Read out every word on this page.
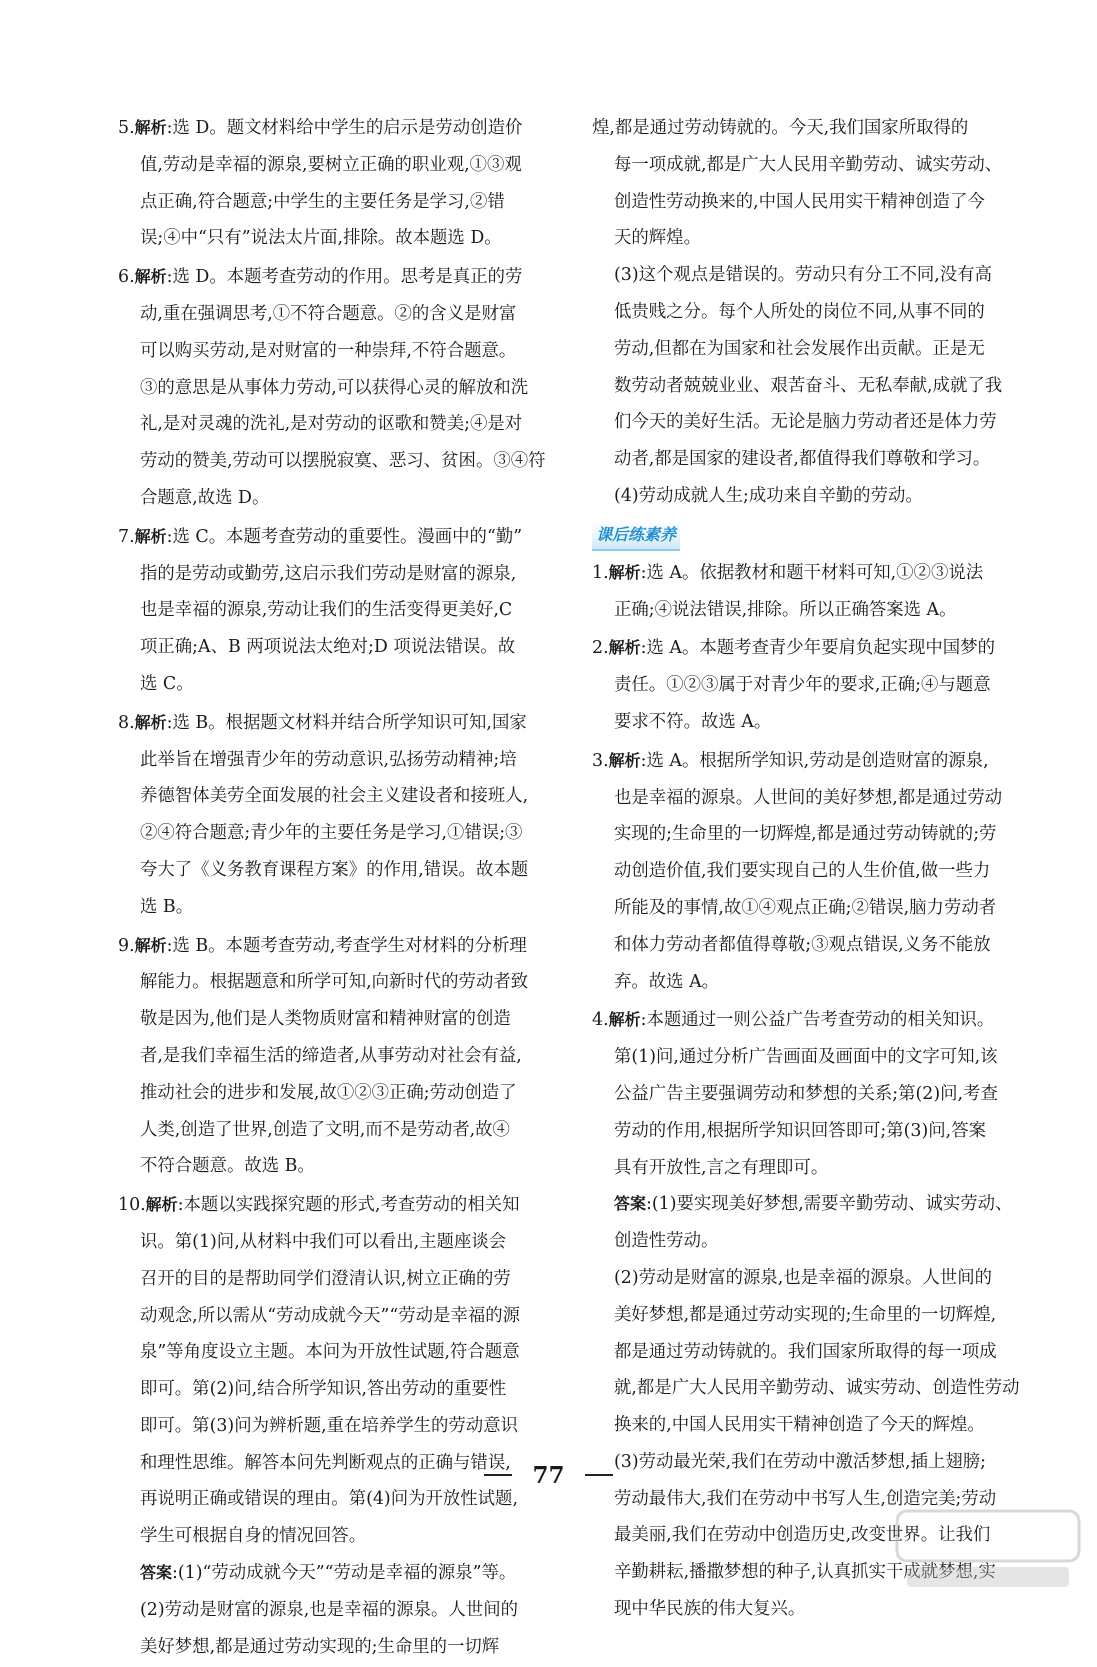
5.解析:选 D。题文材料给中学生的启示是劳动创造价
值,劳动是幸福的源泉,要树立正确的职业观,①③观
点正确,符合题意;中学生的主要任务是学习,②错
误;④中“只有”说法太片面,排除。故本题选 D。
6.解析:选 D。本题考查劳动的作用。思考是真正的劳
动,重在强调思考,①不符合题意。②的含义是财富
可以购买劳动,是对财富的一种崇拜,不符合题意。
③的意思是从事体力劳动,可以获得心灵的解放和洗
礼,是对灵魂的洗礼,是对劳动的讴歌和赞美;④是对
劳动的赞美,劳动可以摆脱寂寞、恶习、贫困。③④符
合题意,故选 D。
7.解析:选 C。本题考查劳动的重要性。漫画中的“勤”
指的是劳动或勤劳,这启示我们劳动是财富的源泉,
也是幸福的源泉,劳动让我们的生活变得更美好,C
项正确;A、B 两项说法太绝对;D 项说法错误。故
选 C。
8.解析:选 B。根据题文材料并结合所学知识可知,国家
此举旨在增强青少年的劳动意识,弘扬劳动精神;培
养德智体美劳全面发展的社会主义建设者和接班人,
②④符合题意;青少年的主要任务是学习,①错误;③
夸大了《义务教育课程方案》的作用,错误。故本题
选 B。
9.解析:选 B。本题考查劳动,考查学生对材料的分析理
解能力。根据题意和所学可知,向新时代的劳动者致
敬是因为,他们是人类物质财富和精神财富的创造
者,是我们幸福生活的缔造者,从事劳动对社会有益,
推动社会的进步和发展,故①②③正确;劳动创造了
人类,创造了世界,创造了文明,而不是劳动者,故④
不符合题意。故选 B。
10.解析:本题以实践探究题的形式,考查劳动的相关知
识。第(1)问,从材料中我们可以看出,主题座谈会
召开的目的是帮助同学们澄清认识,树立正确的劳
动观念,所以需从“劳动成就今天”“劳动是幸福的源
泉”等角度设立主题。本问为开放性试题,符合题意
即可。第(2)问,结合所学知识,答出劳动的重要性
即可。第(3)问为辨析题,重在培养学生的劳动意识
和理性思维。解答本问先判断观点的正确与错误,
再说明正确或错误的理由。第(4)问为开放性试题,
学生可根据自身的情况回答。
答案:(1)“劳动成就今天”“劳动是幸福的源泉”等。
(2)劳动是财富的源泉,也是幸福的源泉。人世间的
美好梦想,都是通过劳动实现的;生命里的一切辉
煌,都是通过劳动铸就的。今天,我们国家所取得的
每一项成就,都是广大人民用辛勤劳动、诚实劳动、
创造性劳动换来的,中国人民用实干精神创造了今
天的辉煌。
(3)这个观点是错误的。劳动只有分工不同,没有高
低贵贱之分。每个人所处的岗位不同,从事不同的
劳动,但都在为国家和社会发展作出贡献。正是无
数劳动者兢兢业业、艰苦奋斗、无私奉献,成就了我
们今天的美好生活。无论是脑力劳动者还是体力劳
动者,都是国家的建设者,都值得我们尊敬和学习。
(4)劳动成就人生;成功来自辛勤的劳动。
课后练素养
1.解析:选 A。依据教材和题干材料可知,①②③说法
正确;④说法错误,排除。所以正确答案选 A。
2.解析:选 A。本题考查青少年要肩负起实现中国梦的
责任。①②③属于对青少年的要求,正确;④与题意
要求不符。故选 A。
3.解析:选 A。根据所学知识,劳动是创造财富的源泉,
也是幸福的源泉。人世间的美好梦想,都是通过劳动
实现的;生命里的一切辉煌,都是通过劳动铸就的;劳
动创造价值,我们要实现自己的人生价值,做一些力
所能及的事情,故①④观点正确;②错误,脑力劳动者
和体力劳动者都值得尊敬;③观点错误,义务不能放
弃。故选 A。
4.解析:本题通过一则公益广告考查劳动的相关知识。
第(1)问,通过分析广告画面及画面中的文字可知,该
公益广告主要强调劳动和梦想的关系;第(2)问,考查
劳动的作用,根据所学知识回答即可;第(3)问,答案
具有开放性,言之有理即可。
答案:(1)要实现美好梦想,需要辛勤劳动、诚实劳动、
创造性劳动。
(2)劳动是财富的源泉,也是幸福的源泉。人世间的
美好梦想,都是通过劳动实现的;生命里的一切辉煌,
都是通过劳动铸就的。我们国家所取得的每一项成
就,都是广大人民用辛勤劳动、诚实劳动、创造性劳动
换来的,中国人民用实干精神创造了今天的辉煌。
(3)劳动最光荣,我们在劳动中激活梦想,插上翅膀;
劳动最伟大,我们在劳动中书写人生,创造完美;劳动
最美丽,我们在劳动中创造历史,改变世界。让我们
辛勤耕耘,播撒梦想的种子,认真抓实干成就梦想,实
现中华民族的伟大复兴。
77
